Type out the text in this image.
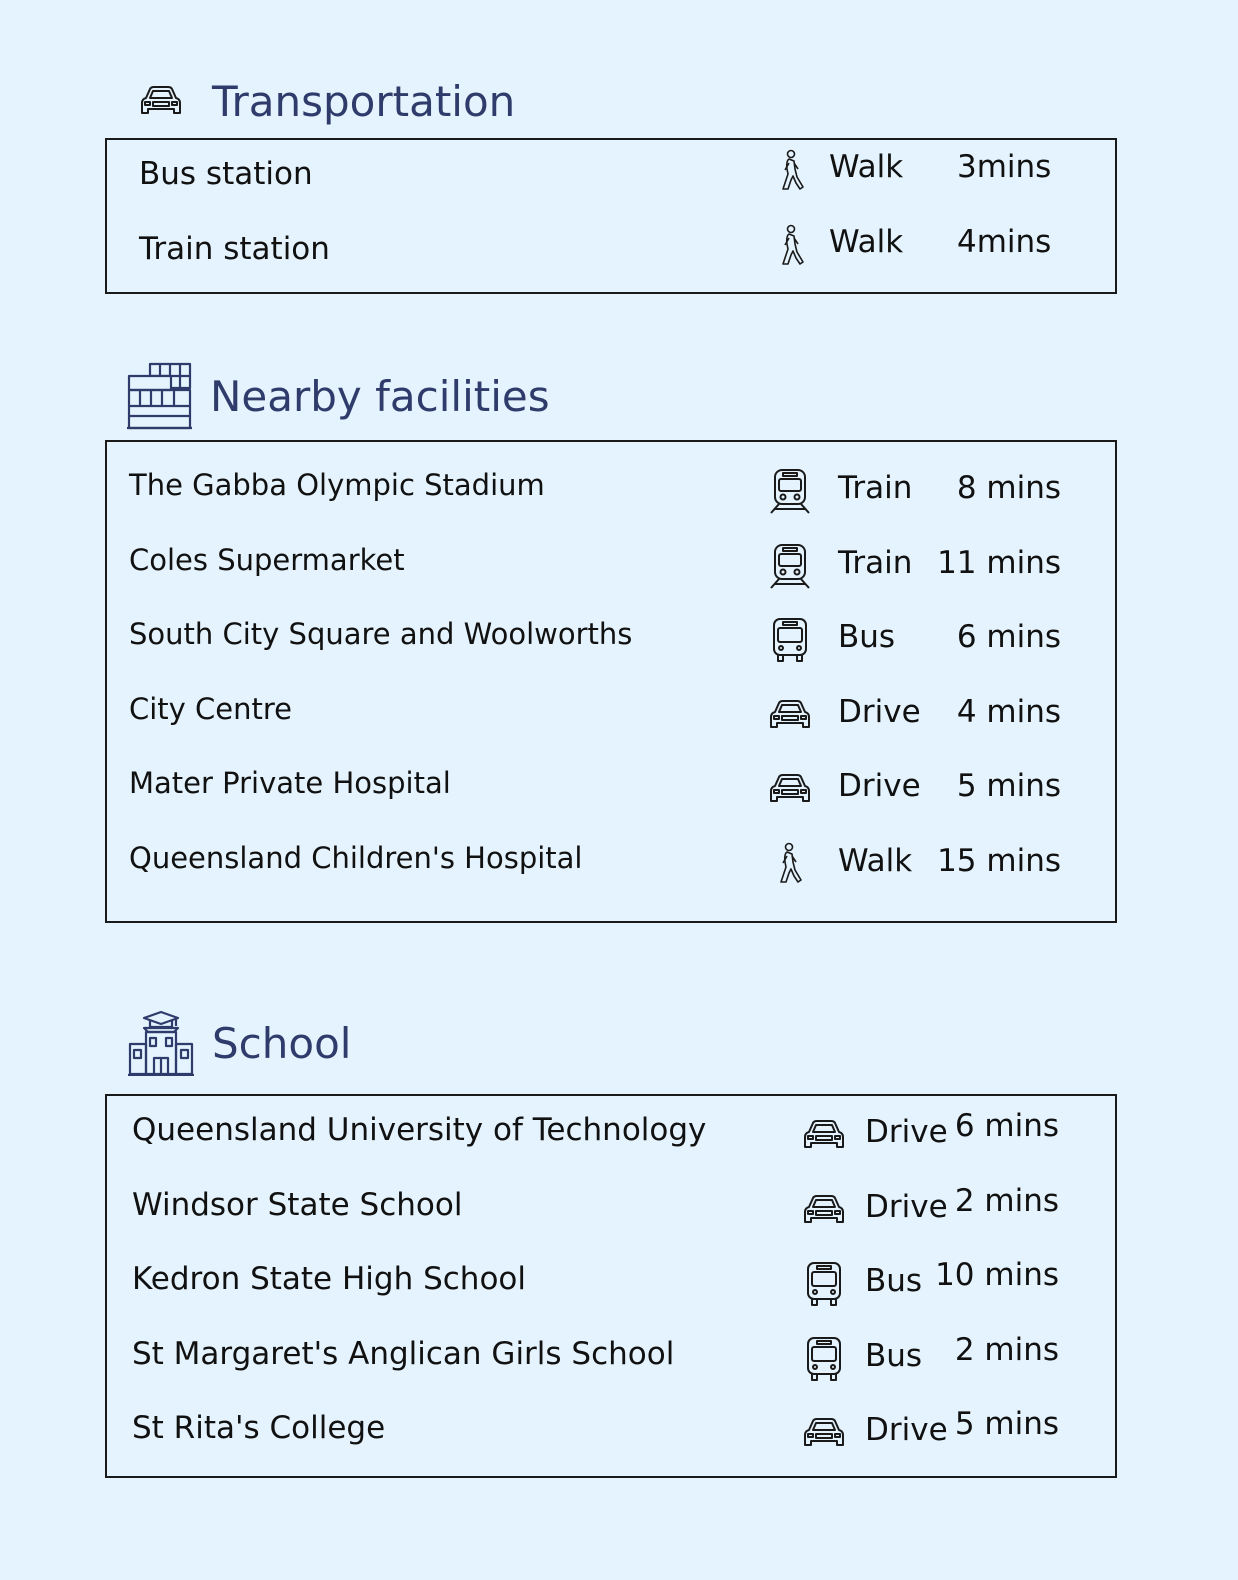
Transportation
Bus station	Walk 3mins
Train station	Walk 4mins
Nearby facilities
The Gabba Olympic Stadium	Train 8 mins
Coles Supermarket	Train 11 mins
South City Square and Woolworths	Bus 6 mins
City Centre	Drive 4 mins
Mater Private Hospital	Drive 5 mins
Queensland Children's Hospital	Walk 15 mins
School
Queensland University of Technology	Drive 6 mins
Windsor State School	Drive 2 mins
Kedron State High School	Bus 10 mins
St Margaret's Anglican Girls School	Bus 2 mins
St Rita's College	Drive 5 mins
